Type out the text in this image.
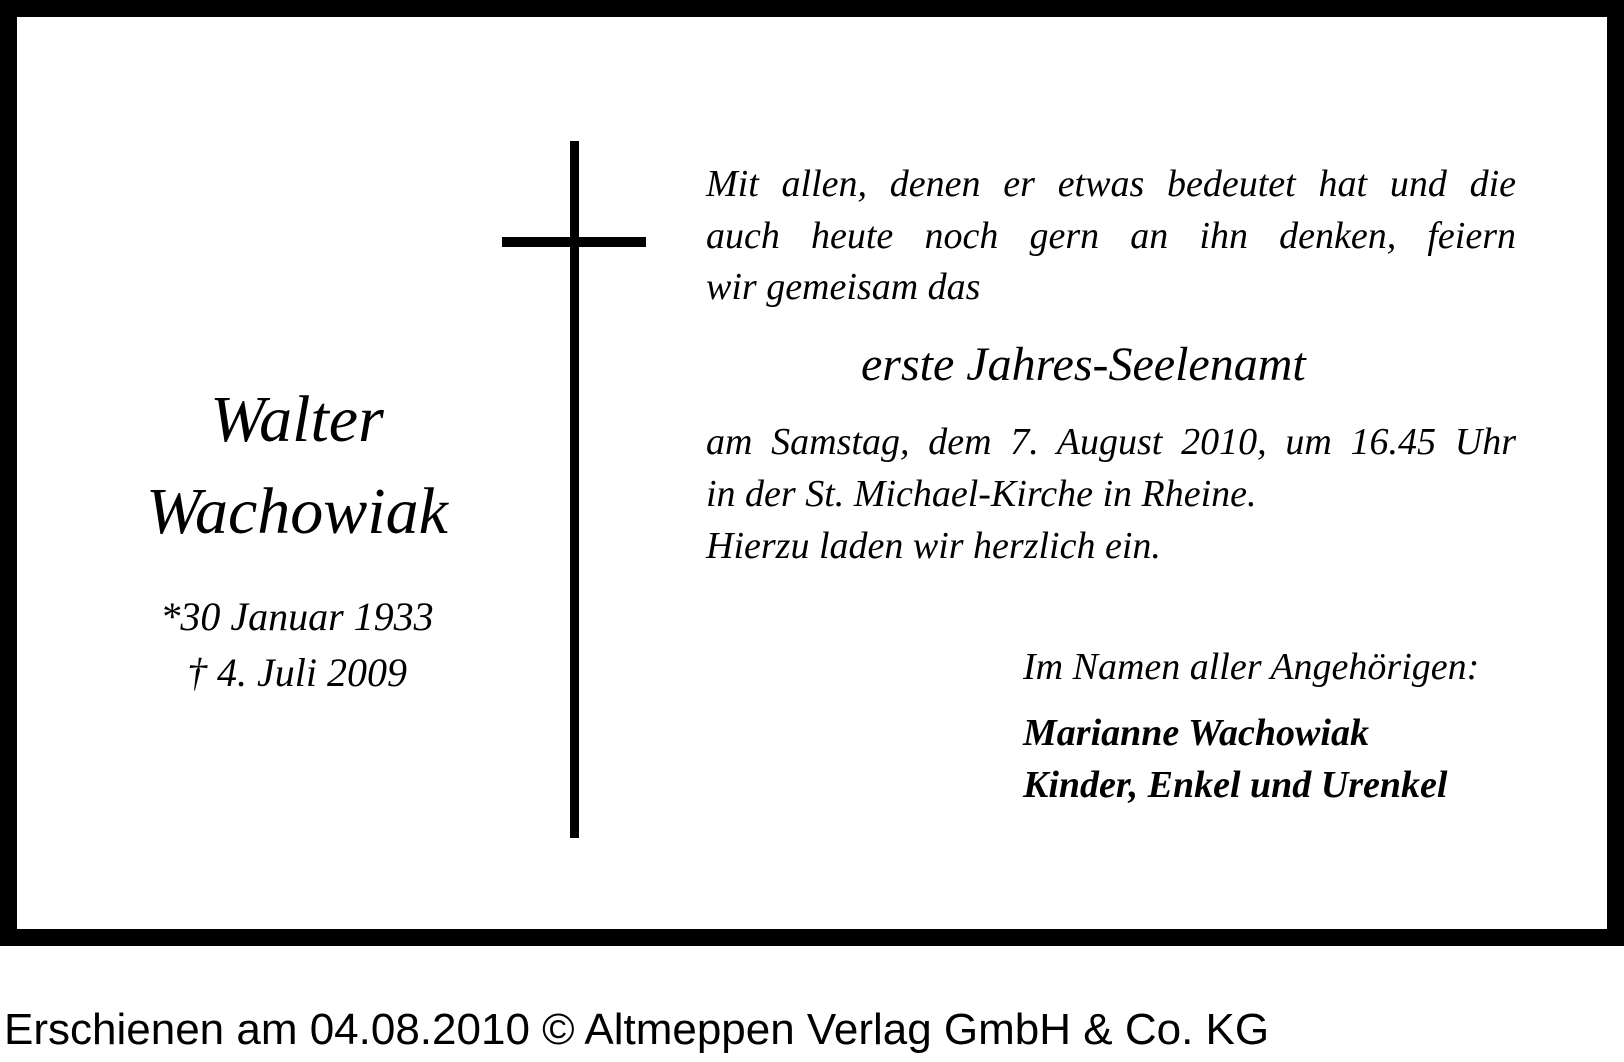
Walter
Wachowiak
*30 Januar 1933
† 4. Juli 2009
Mit allen, denen er etwas bedeutet hat und die
auch heute noch gern an ihn denken, feiern
wir gemeisam das
erste Jahres-Seelenamt
am Samstag, dem 7. August 2010, um 16.45 Uhr
in der St. Michael-Kirche in Rheine.
Hierzu laden wir herzlich ein.
Im Namen aller Angehörigen:
Marianne Wachowiak
Kinder, Enkel und Urenkel
Erschienen am 04.08.2010 © Altmeppen Verlag GmbH & Co. KG
